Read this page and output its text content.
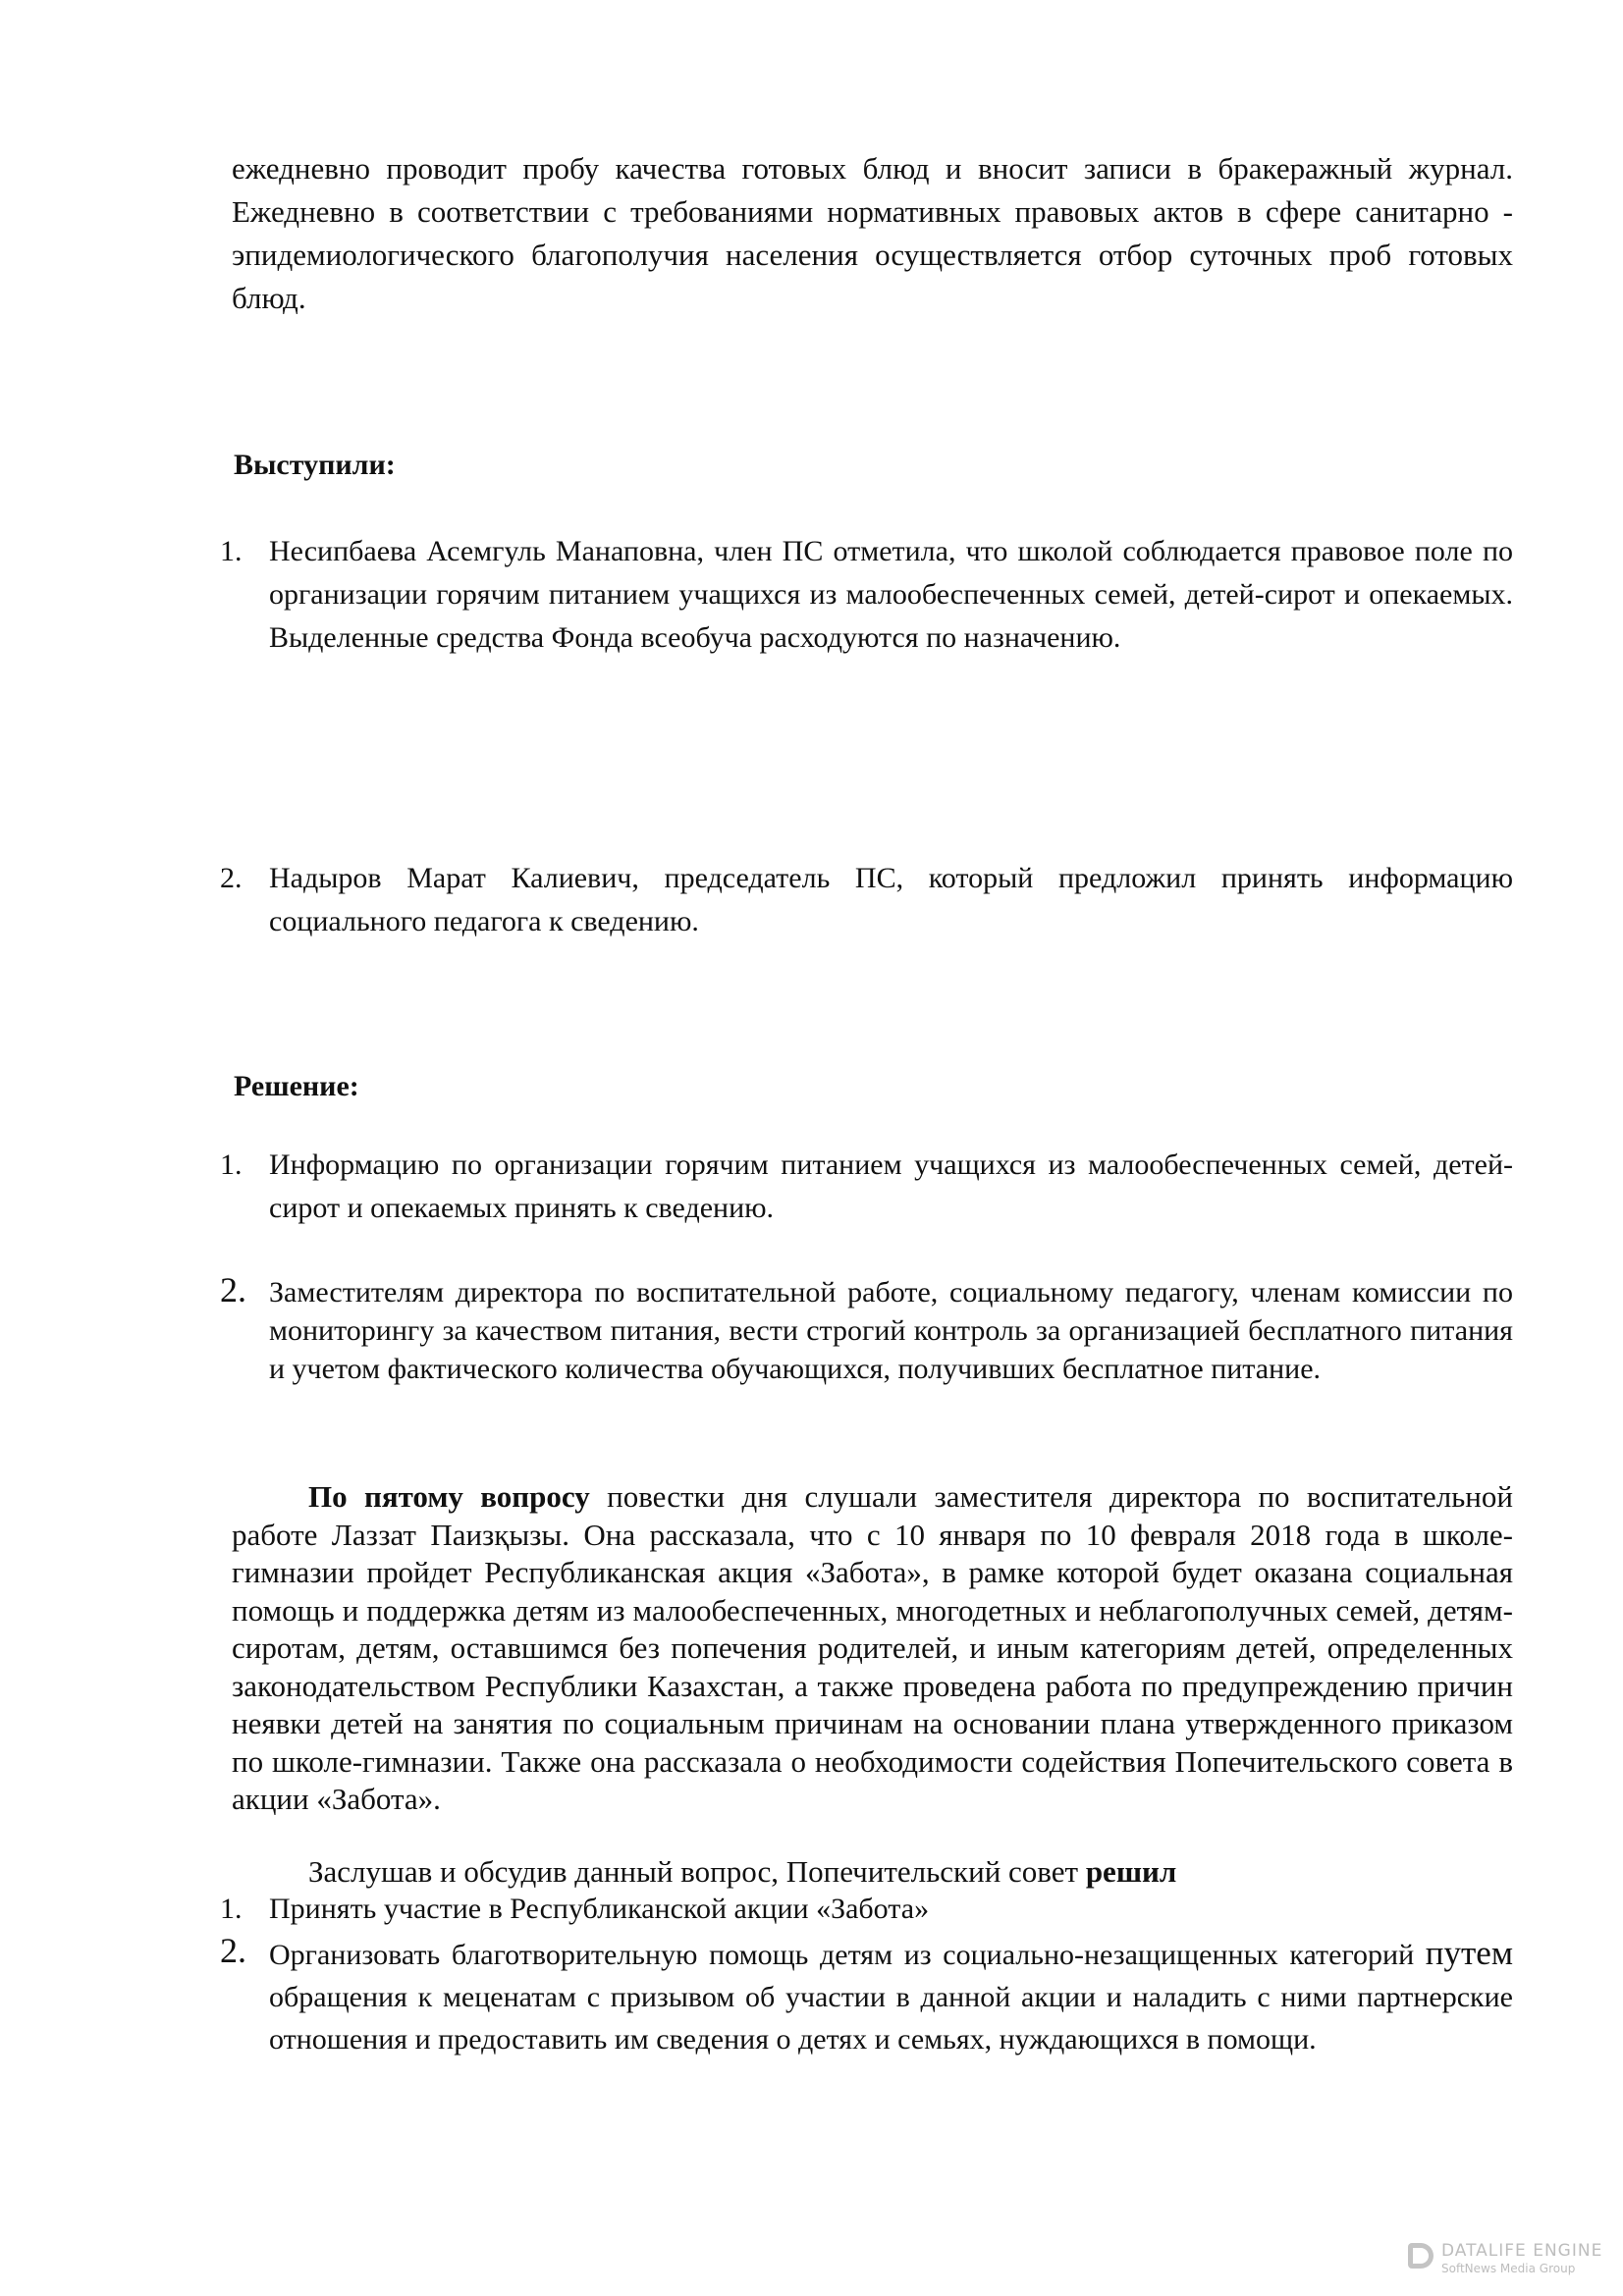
ежедневно проводит пробу качества готовых блюд и вносит записи в бракеражный журнал. Ежедневно в соответствии с требованиями нормативных правовых актов в сфере санитарно - эпидемиологического благополучия населения осуществляется отбор суточных проб готовых блюд.
Выступили:
1. Несипбаева Асемгуль Манаповна, член ПС отметила, что школой соблюдается правовое поле по организации горячим питанием учащихся из малообеспеченных семей, детей-сирот и опекаемых. Выделенные средства Фонда всеобуча расходуются по назначению.
2. Надыров Марат Калиевич, председатель ПС, который предложил принять информацию социального педагога к сведению.
Решение:
1. Информацию по организации горячим питанием учащихся из малообеспеченных семей, детей- сирот и опекаемых принять к сведению.
2. Заместителям директора по воспитательной работе, социальному педагогу, членам комиссии по мониторингу за качеством питания, вести строгий контроль за организацией бесплатного питания и учетом фактического количества обучающихся, получивших бесплатное питание.
По пятому вопросу повестки дня слушали заместителя директора по воспитательной работе Лаззат Паизқызы. Она рассказала, что с 10 января по 10 февраля 2018 года в школе-гимназии пройдет Республиканская акция «Забота», в рамке которой будет оказана социальная помощь и поддержка детям из малообеспеченных, многодетных и неблагополучных семей, детям-сиротам, детям, оставшимся без попечения родителей, и иным категориям детей, определенных законодательством Республики Казахстан, а также проведена работа по предупреждению причин неявки детей на занятия по социальным причинам на основании плана утвержденного приказом по школе-гимназии. Также она рассказала о необходимости содействия Попечительского совета в акции «Забота».
Заслушав и обсудив данный вопрос, Попечительский совет решил
1. Принять участие в Республиканской акции «Забота»
2. Организовать благотворительную помощь детям из социально-незащищенных категорий путем обращения к меценатам с призывом об участии в данной акции и наладить с ними партнерские отношения и предоставить им сведения о детях и семьях, нуждающихся в помощи.
DATALIFE ENGINE
SoftNews Media Group
